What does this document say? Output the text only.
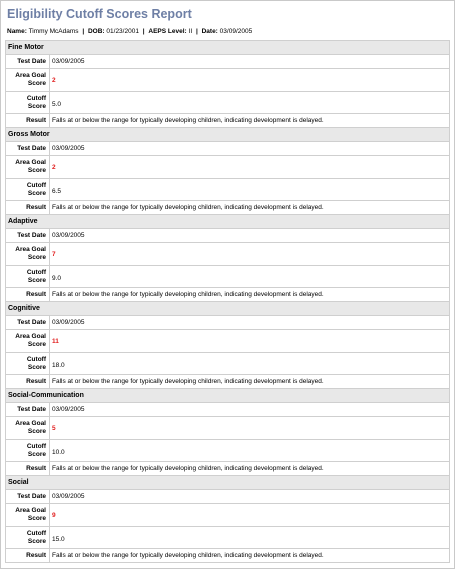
Eligibility Cutoff Scores Report
Name: Timmy McAdams | DOB: 01/23/2001 | AEPS Level: II | Date: 03/09/2005
Fine Motor
Test Date 03/09/2005
Area Goal
Score 2
Cutoff
Score 5.0
Result Falls at or below the range for typically developing children, indicating development is delayed.
Gross Motor
Test Date 03/09/2005
Area Goal
Score 2
Cutoff
Score 6.5
Result Falls at or below the range for typically developing children, indicating development is delayed.
Adaptive
Test Date 03/09/2005
Area Goal
Score 7
Cutoff
Score 9.0
Result Falls at or below the range for typically developing children, indicating development is delayed.
Cognitive
Test Date 03/09/2005
Area Goal
Score 11
Cutoff
Score 18.0
Result Falls at or below the range for typically developing children, indicating development is delayed.
Social-Communication
Test Date 03/09/2005
Area Goal
Score 5
Cutoff
Score 10.0
Result Falls at or below the range for typically developing children, indicating development is delayed.
Social
Test Date 03/09/2005
Area Goal
Score 9
Cutoff
Score 15.0
Result Falls at or below the range for typically developing children, indicating development is delayed.
